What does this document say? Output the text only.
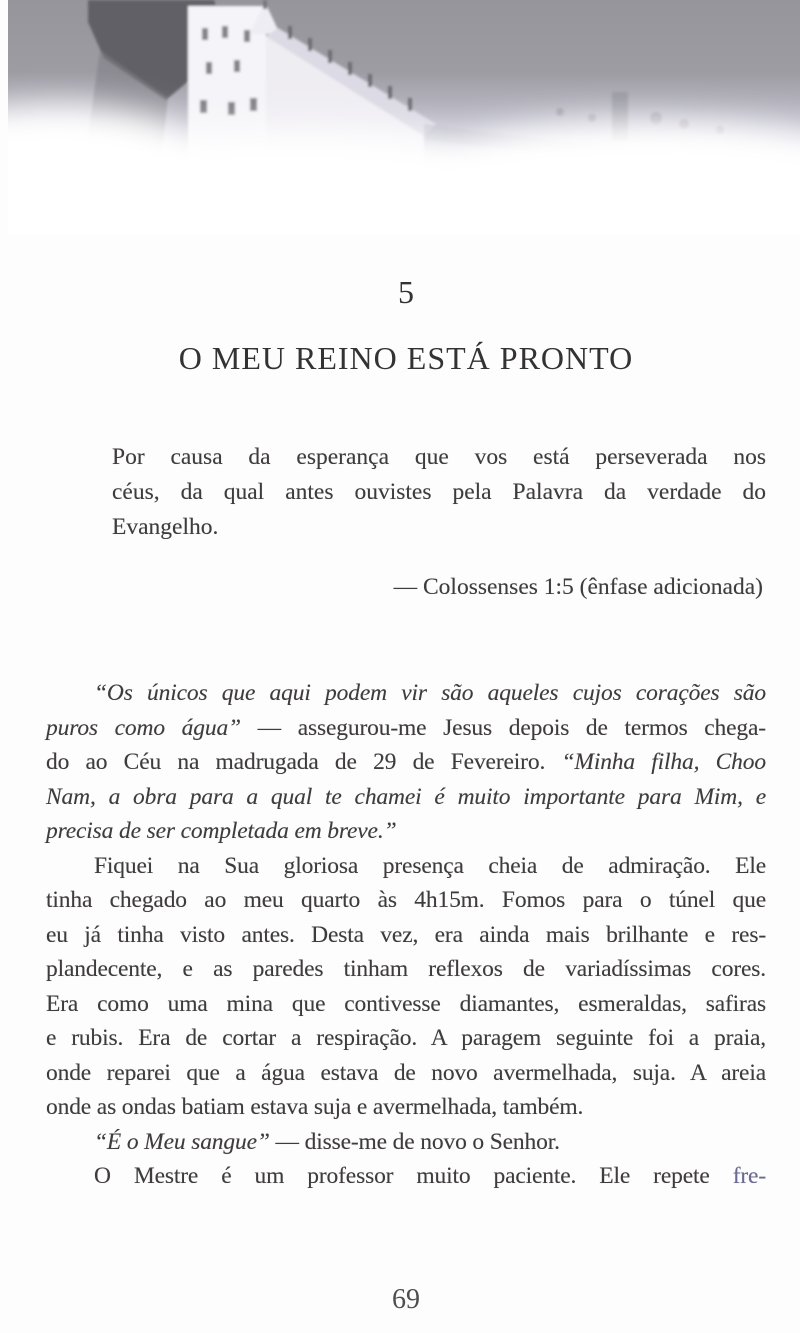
5
O MEU REINO ESTÁ PRONTO
Por causa da esperança que vos está perseverada nos
céus, da qual antes ouvistes pela Palavra da verdade do
Evangelho.
— Colossenses 1:5 (ênfase adicionada)
“Os únicos que aqui podem vir são aqueles cujos corações são
puros como água” — assegurou-me Jesus depois de termos chega-
do ao Céu na madrugada de 29 de Fevereiro. “Minha filha, Choo
Nam, a obra para a qual te chamei é muito importante para Mim, e
precisa de ser completada em breve.”
Fiquei na Sua gloriosa presença cheia de admiração. Ele
tinha chegado ao meu quarto às 4h15m. Fomos para o túnel que
eu já tinha visto antes. Desta vez, era ainda mais brilhante e res-
plandecente, e as paredes tinham reflexos de variadíssimas cores.
Era como uma mina que contivesse diamantes, esmeraldas, safiras
e rubis. Era de cortar a respiração. A paragem seguinte foi a praia,
onde reparei que a água estava de novo avermelhada, suja. A areia
onde as ondas batiam estava suja e avermelhada, também.
“É o Meu sangue” — disse-me de novo o Senhor.
O Mestre é um professor muito paciente. Ele repete fre-
69
